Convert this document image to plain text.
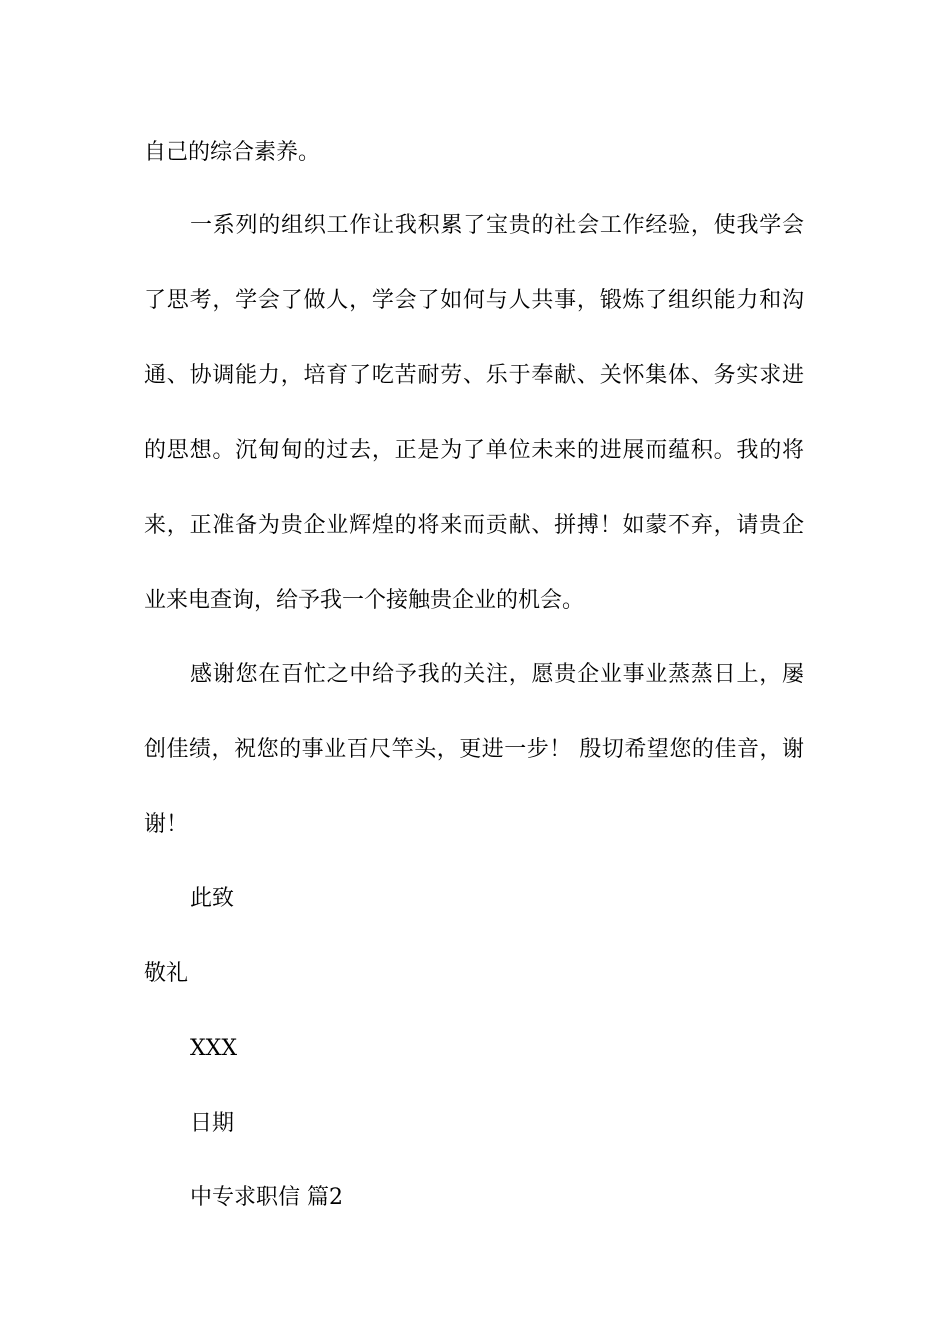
自己的综合素养。
一系列的组织工作让我积累了宝贵的社会工作经验，使我学会
了思考，学会了做人，学会了如何与人共事，锻炼了组织能力和沟
通、协调能力，培育了吃苦耐劳、乐于奉献、关怀集体、务实求进
的思想。沉甸甸的过去，正是为了单位未来的进展而蕴积。我的将
来，正准备为贵企业辉煌的将来而贡献、拼搏！如蒙不弃，请贵企
业来电查询，给予我一个接触贵企业的机会。
感谢您在百忙之中给予我的关注，愿贵企业事业蒸蒸日上，屡
创佳绩，祝您的事业百尺竿头，更进一步！ 殷切希望您的佳音，谢
谢！
此致
敬礼
XXX
日期
中专求职信 篇2
